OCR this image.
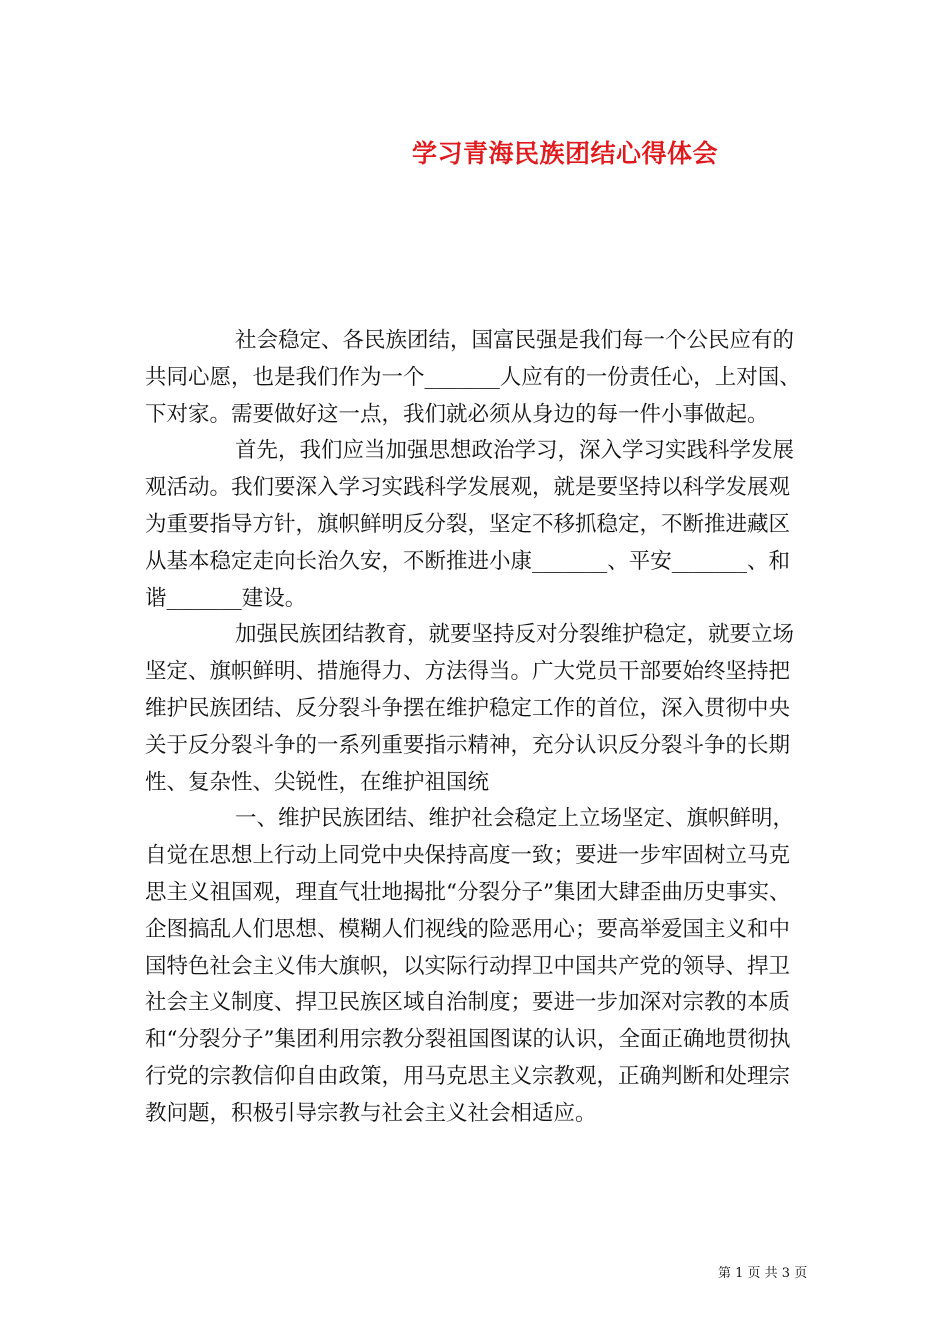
学习青海民族团结心得体会

社会稳定、各民族团结，国富民强是我们每一个公民应有的共同心愿，也是我们作为一个_______人应有的一份责任心，上对国、下对家。需要做好这一点，我们就必须从身边的每一件小事做起。

首先，我们应当加强思想政治学习，深入学习实践科学发展观活动。我们要深入学习实践科学发展观，就是要坚持以科学发展观为重要指导方针，旗帜鲜明反分裂，坚定不移抓稳定，不断推进藏区从基本稳定走向长治久安，不断推进小康_______、平安_______、和谐_______建设。

加强民族团结教育，就要坚持反对分裂维护稳定，就要立场坚定、旗帜鲜明、措施得力、方法得当。广大党员干部要始终坚持把维护民族团结、反分裂斗争摆在维护稳定工作的首位，深入贯彻中央关于反分裂斗争的一系列重要指示精神，充分认识反分裂斗争的长期性、复杂性、尖锐性，在维护祖国统

一、维护民族团结、维护社会稳定上立场坚定、旗帜鲜明，自觉在思想上行动上同党中央保持高度一致；要进一步牢固树立马克思主义祖国观，理直气壮地揭批“分裂分子”集团大肆歪曲历史事实、企图搞乱人们思想、模糊人们视线的险恶用心；要高举爱国主义和中国特色社会主义伟大旗帜，以实际行动捍卫中国共产党的领导、捍卫社会主义制度、捍卫民族区域自治制度；要进一步加深对宗教的本质和“分裂分子”集团利用宗教分裂祖国图谋的认识，全面正确地贯彻执行党的宗教信仰自由政策，用马克思主义宗教观，正确判断和处理宗教问题，积极引导宗教与社会主义社会相适应。

第 1 页 共 3 页
